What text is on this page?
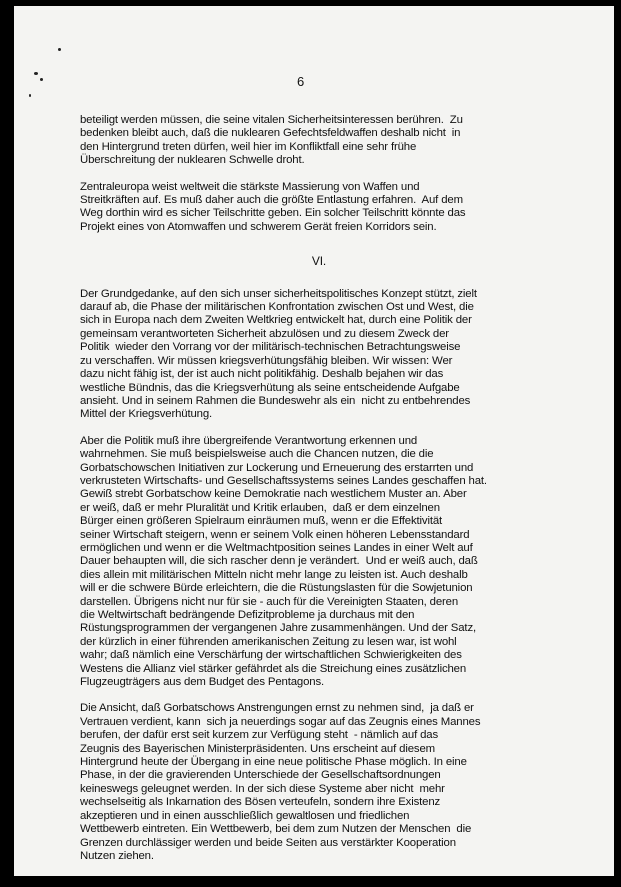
6

beteiligt werden müssen, die seine vitalen Sicherheitsinteressen berühren.  Zu
bedenken bleibt auch, daß die nuklearen Gefechtsfeldwaffen deshalb nicht  in
den Hintergrund treten dürfen, weil hier im Konfliktfall eine sehr frühe
Überschreitung der nuklearen Schwelle droht.

Zentraleuropa weist weltweit die stärkste Massierung von Waffen und
Streitkräften auf. Es muß daher auch die größte Entlastung erfahren.  Auf dem
Weg dorthin wird es sicher Teilschritte geben. Ein solcher Teilschritt könnte das
Projekt eines von Atomwaffen und schwerem Gerät freien Korridors sein.

VI.

Der Grundgedanke, auf den sich unser sicherheitspolitisches Konzept stützt, zielt
darauf ab, die Phase der militärischen Konfrontation zwischen Ost und West, die
sich in Europa nach dem Zweiten Weltkrieg entwickelt hat, durch eine Politik der
gemeinsam verantworteten Sicherheit abzulösen und zu diesem Zweck der
Politik  wieder den Vorrang vor der militärisch-technischen Betrachtungsweise
zu verschaffen. Wir müssen kriegsverhütungsfähig bleiben. Wir wissen: Wer
dazu nicht fähig ist, der ist auch nicht politikfähig. Deshalb bejahen wir das
westliche Bündnis, das die Kriegsverhütung als seine entscheidende Aufgabe
ansieht. Und in seinem Rahmen die Bundeswehr als ein  nicht zu entbehrendes
Mittel der Kriegsverhütung.

Aber die Politik muß ihre übergreifende Verantwortung erkennen und
wahrnehmen. Sie muß beispielsweise auch die Chancen nutzen, die die
Gorbatschowschen Initiativen zur Lockerung und Erneuerung des erstarrten und
verkrusteten Wirtschafts- und Gesellschaftssystems seines Landes geschaffen hat.
Gewiß strebt Gorbatschow keine Demokratie nach westlichem Muster an. Aber
er weiß, daß er mehr Pluralität und Kritik erlauben,  daß er dem einzelnen
Bürger einen größeren Spielraum einräumen muß, wenn er die Effektivität
seiner Wirtschaft steigern, wenn er seinem Volk einen höheren Lebensstandard
ermöglichen und wenn er die Weltmachtposition seines Landes in einer Welt auf
Dauer behaupten will, die sich rascher denn je verändert.  Und er weiß auch, daß
dies allein mit militärischen Mitteln nicht mehr lange zu leisten ist. Auch deshalb
will er die schwere Bürde erleichtern, die die Rüstungslasten für die Sowjetunion
darstellen. Übrigens nicht nur für sie - auch für die Vereinigten Staaten, deren
die Weltwirtschaft bedrängende Defizitprobleme ja durchaus mit den
Rüstungsprogrammen der vergangenen Jahre zusammenhängen. Und der Satz,
der kürzlich in einer führenden amerikanischen Zeitung zu lesen war, ist wohl
wahr; daß nämlich eine Verschärfung der wirtschaftlichen Schwierigkeiten des
Westens die Allianz viel stärker gefährdet als die Streichung eines zusätzlichen
Flugzeugträgers aus dem Budget des Pentagons.

Die Ansicht, daß Gorbatschows Anstrengungen ernst zu nehmen sind,  ja daß er
Vertrauen verdient, kann  sich ja neuerdings sogar auf das Zeugnis eines Mannes
berufen, der dafür erst seit kurzem zur Verfügung steht  - nämlich auf das
Zeugnis des Bayerischen Ministerpräsidenten. Uns erscheint auf diesem
Hintergrund heute der Übergang in eine neue politische Phase möglich. In eine
Phase, in der die gravierenden Unterschiede der Gesellschaftsordnungen
keineswegs geleugnet werden. In der sich diese Systeme aber nicht  mehr
wechselseitig als Inkarnation des Bösen verteufeln, sondern ihre Existenz
akzeptieren und in einen ausschließlich gewaltlosen und friedlichen
Wettbewerb eintreten. Ein Wettbewerb, bei dem zum Nutzen der Menschen  die
Grenzen durchlässiger werden und beide Seiten aus verstärkter Kooperation
Nutzen ziehen.
